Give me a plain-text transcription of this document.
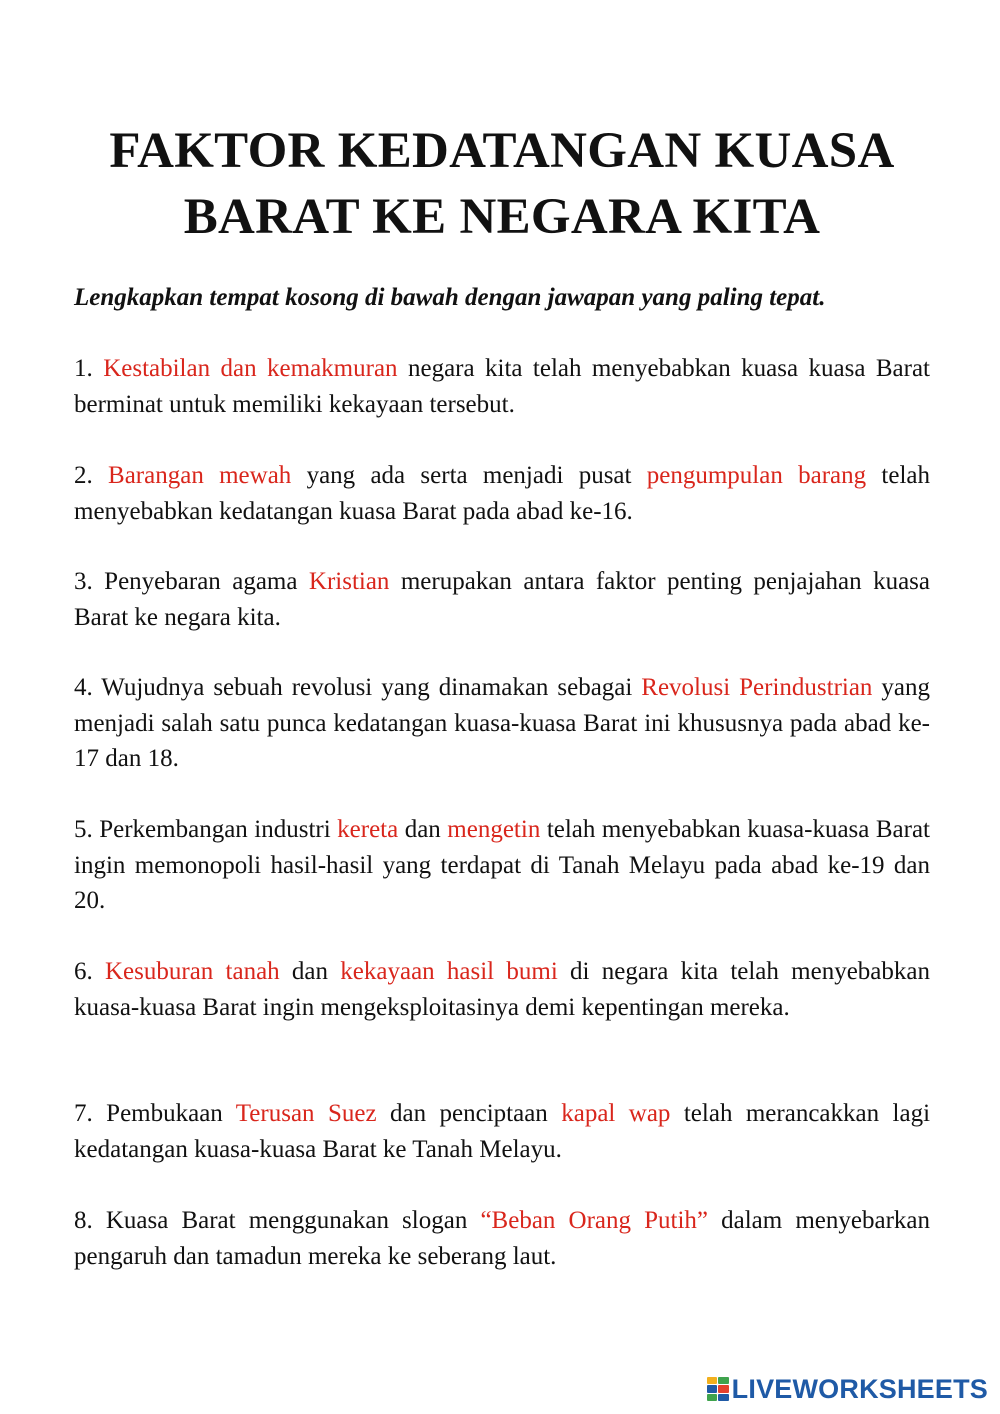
FAKTOR KEDATANGAN KUASA
BARAT KE NEGARA KITA

Lengkapkan tempat kosong di bawah dengan jawapan yang paling tepat.

1. Kestabilan dan kemakmuran negara kita telah menyebabkan kuasa kuasa Barat berminat untuk memiliki kekayaan tersebut.

2. Barangan mewah yang ada serta menjadi pusat pengumpulan barang telah menyebabkan kedatangan kuasa Barat pada abad ke-16.

3. Penyebaran agama Kristian merupakan antara faktor penting penjajahan kuasa Barat ke negara kita.

4. Wujudnya sebuah revolusi yang dinamakan sebagai Revolusi Perindustrian yang menjadi salah satu punca kedatangan kuasa-kuasa Barat ini khususnya pada abad ke-17 dan 18.

5. Perkembangan industri kereta dan mengetin telah menyebabkan kuasa-kuasa Barat ingin memonopoli hasil-hasil yang terdapat di Tanah Melayu pada abad ke-19 dan 20.

6. Kesuburan tanah dan kekayaan hasil bumi di negara kita telah menyebabkan kuasa-kuasa Barat ingin mengeksploitasinya demi kepentingan mereka.

7. Pembukaan Terusan Suez dan penciptaan kapal wap telah merancakkan lagi kedatangan kuasa-kuasa Barat ke Tanah Melayu.

8. Kuasa Barat menggunakan slogan “Beban Orang Putih” dalam menyebarkan pengaruh dan tamadun mereka ke seberang laut.

LIVEWORKSHEETS
